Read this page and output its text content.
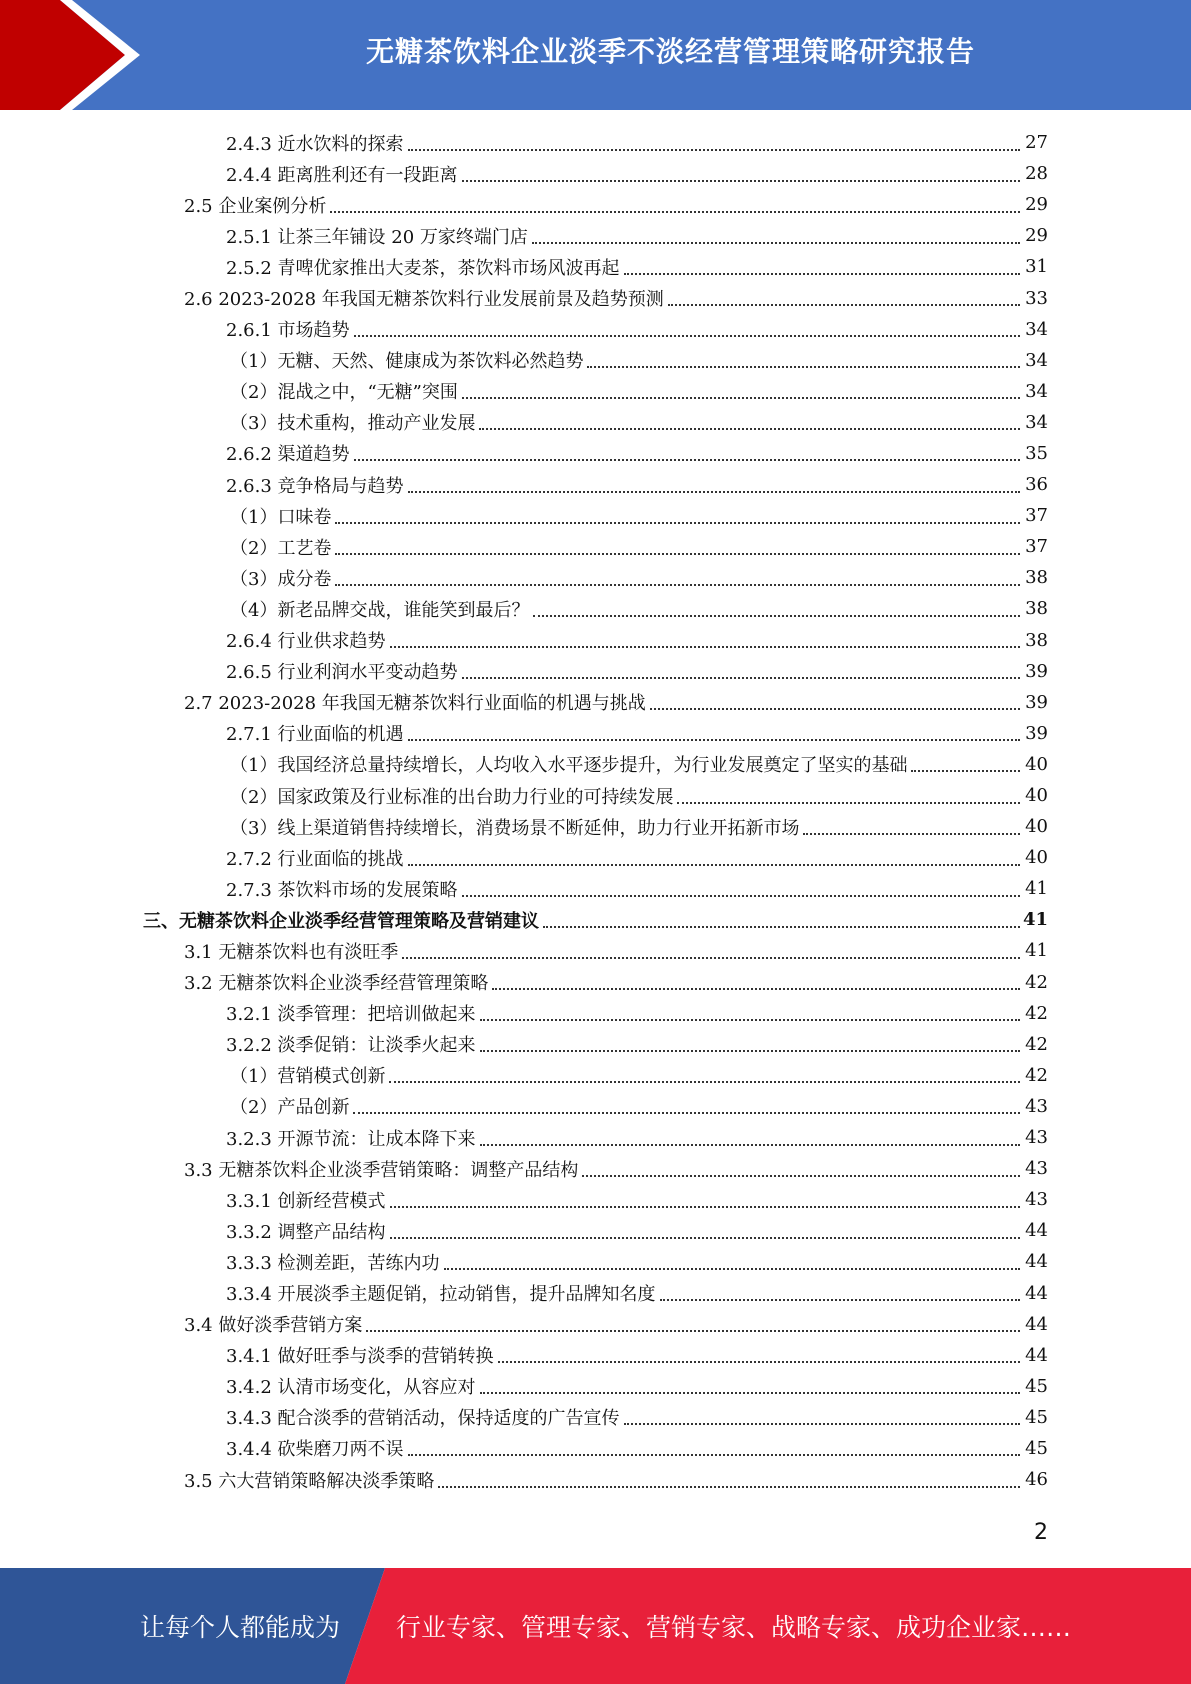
无糖茶饮料企业淡季不淡经营管理策略研究报告
2.4.3 近水饮料的探索	27
2.4.4 距离胜利还有一段距离	28
2.5 企业案例分析	29
2.5.1 让茶三年铺设 20 万家终端门店	29
2.5.2 青啤优家推出大麦茶，茶饮料市场风波再起	31
2.6 2023-2028 年我国无糖茶饮料行业发展前景及趋势预测	33
2.6.1 市场趋势	34
（1）无糖、天然、健康成为茶饮料必然趋势	34
（2）混战之中，“无糖”突围	34
（3）技术重构，推动产业发展	34
2.6.2 渠道趋势	35
2.6.3 竞争格局与趋势	36
（1）口味卷	37
（2）工艺卷	37
（3）成分卷	38
（4）新老品牌交战，谁能笑到最后？	38
2.6.4 行业供求趋势	38
2.6.5 行业利润水平变动趋势	39
2.7 2023-2028 年我国无糖茶饮料行业面临的机遇与挑战	39
2.7.1 行业面临的机遇	39
（1）我国经济总量持续增长，人均收入水平逐步提升，为行业发展奠定了坚实的基础	40
（2）国家政策及行业标准的出台助力行业的可持续发展	40
（3）线上渠道销售持续增长，消费场景不断延伸，助力行业开拓新市场	40
2.7.2 行业面临的挑战	40
2.7.3 茶饮料市场的发展策略	41
三、无糖茶饮料企业淡季经营管理策略及营销建议	41
3.1 无糖茶饮料也有淡旺季	41
3.2 无糖茶饮料企业淡季经营管理策略	42
3.2.1 淡季管理：把培训做起来	42
3.2.2 淡季促销：让淡季火起来	42
（1）营销模式创新	42
（2）产品创新	43
3.2.3 开源节流：让成本降下来	43
3.3 无糖茶饮料企业淡季营销策略：调整产品结构	43
3.3.1 创新经营模式	43
3.3.2 调整产品结构	44
3.3.3 检测差距，苦练内功	44
3.3.4 开展淡季主题促销，拉动销售，提升品牌知名度	44
3.4 做好淡季营销方案	44
3.4.1 做好旺季与淡季的营销转换	44
3.4.2 认清市场变化，从容应对	45
3.4.3 配合淡季的营销活动，保持适度的广告宣传	45
3.4.4 砍柴磨刀两不误	45
3.5 六大营销策略解决淡季策略	46
2
让每个人都能成为 行业专家、管理专家、营销专家、战略专家、成功企业家……
